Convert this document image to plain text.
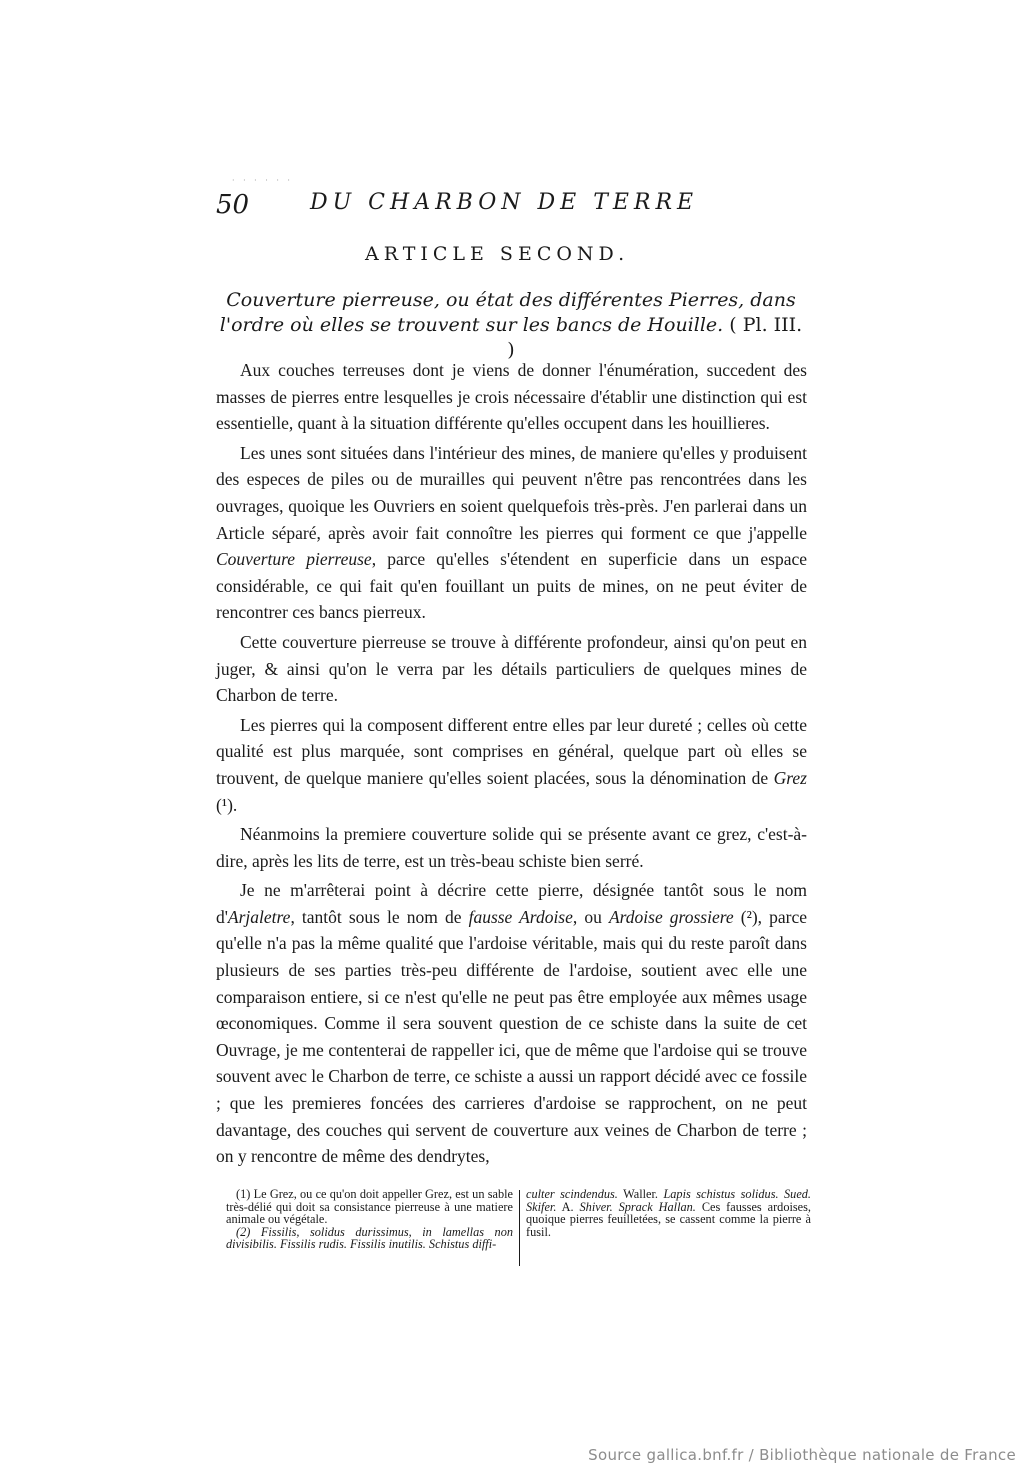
· · · · · ·
50	DU CHARBON DE TERRE
ARTICLE SECOND.
Couverture pierreuse, ou état des différentes Pierres, dans l'ordre où elles se trouvent sur les bancs de Houille. ( Pl. III. )

Aux couches terreuses dont je viens de donner l'énumération, succedent des masses de pierres entre lesquelles je crois nécessaire d'établir une distinction qui est essentielle, quant à la situation différente qu'elles occupent dans les houillieres.

Les unes sont situées dans l'intérieur des mines, de maniere qu'elles y produisent des especes de piles ou de murailles qui peuvent n'être pas rencontrées dans les ouvrages, quoique les Ouvriers en soient quelquefois très-près. J'en parlerai dans un Article séparé, après avoir fait connoître les pierres qui forment ce que j'appelle Couverture pierreuse, parce qu'elles s'étendent en superficie dans un espace considérable, ce qui fait qu'en fouillant un puits de mines, on ne peut éviter de rencontrer ces bancs pierreux.

Cette couverture pierreuse se trouve à différente profondeur, ainsi qu'on peut en juger, & ainsi qu'on le verra par les détails particuliers de quelques mines de Charbon de terre.

Les pierres qui la composent different entre elles par leur dureté ; celles où cette qualité est plus marquée, sont comprises en général, quelque part où elles se trouvent, de quelque maniere qu'elles soient placées, sous la dénomination de Grez (¹).

Néanmoins la premiere couverture solide qui se présente avant ce grez, c'est-à-dire, après les lits de terre, est un très-beau schiste bien serré.

Je ne m'arrêterai point à décrire cette pierre, désignée tantôt sous le nom d'Arjaletre, tantôt sous le nom de fausse Ardoise, ou Ardoise grossiere (²), parce qu'elle n'a pas la même qualité que l'ardoise véritable, mais qui du reste paroît dans plusieurs de ses parties très-peu différente de l'ardoise, soutient avec elle une comparaison entiere, si ce n'est qu'elle ne peut pas être employée aux mêmes usage œconomiques. Comme il sera souvent question de ce schiste dans la suite de cet Ouvrage, je me contenterai de rappeller ici, que de même que l'ardoise qui se trouve souvent avec le Charbon de terre, ce schiste a aussi un rapport décidé avec ce fossile ; que les premieres foncées des carrieres d'ardoise se rapprochent, on ne peut davantage, des couches qui servent de couverture aux veines de Charbon de terre ; on y rencontre de même des dendrytes,

(1) Le Grez, ou ce qu'on doit appeller Grez, est un sable très-délié qui doit sa consistance pierreuse à une matiere animale ou végétale.

(2) Fissilis, solidus durissimus, in lamellas non divisibilis. Fissilis rudis. Fissilis inutilis. Schistus diffi-

culter scindendus. Waller. Lapis schistus solidus. Sued. Skifer. A. Shiver. Sprack Hallan. Ces fausses ardoises, quoique pierres feuilletées, se cassent comme la pierre à fusil.

Source gallica.bnf.fr / Bibliothèque nationale de France
